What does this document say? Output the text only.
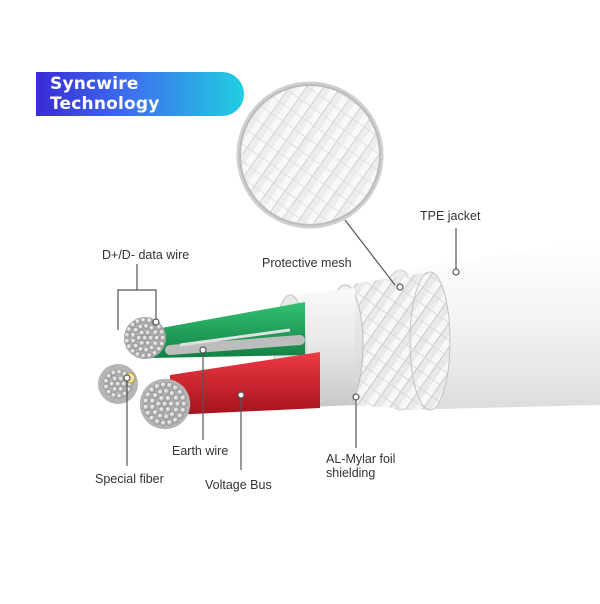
Syncwire Technology
TPE jacket
Protective mesh
D+/D- data wire
Earth wire
Special fiber	Voltage Bus
AL-Mylar foil
shielding
